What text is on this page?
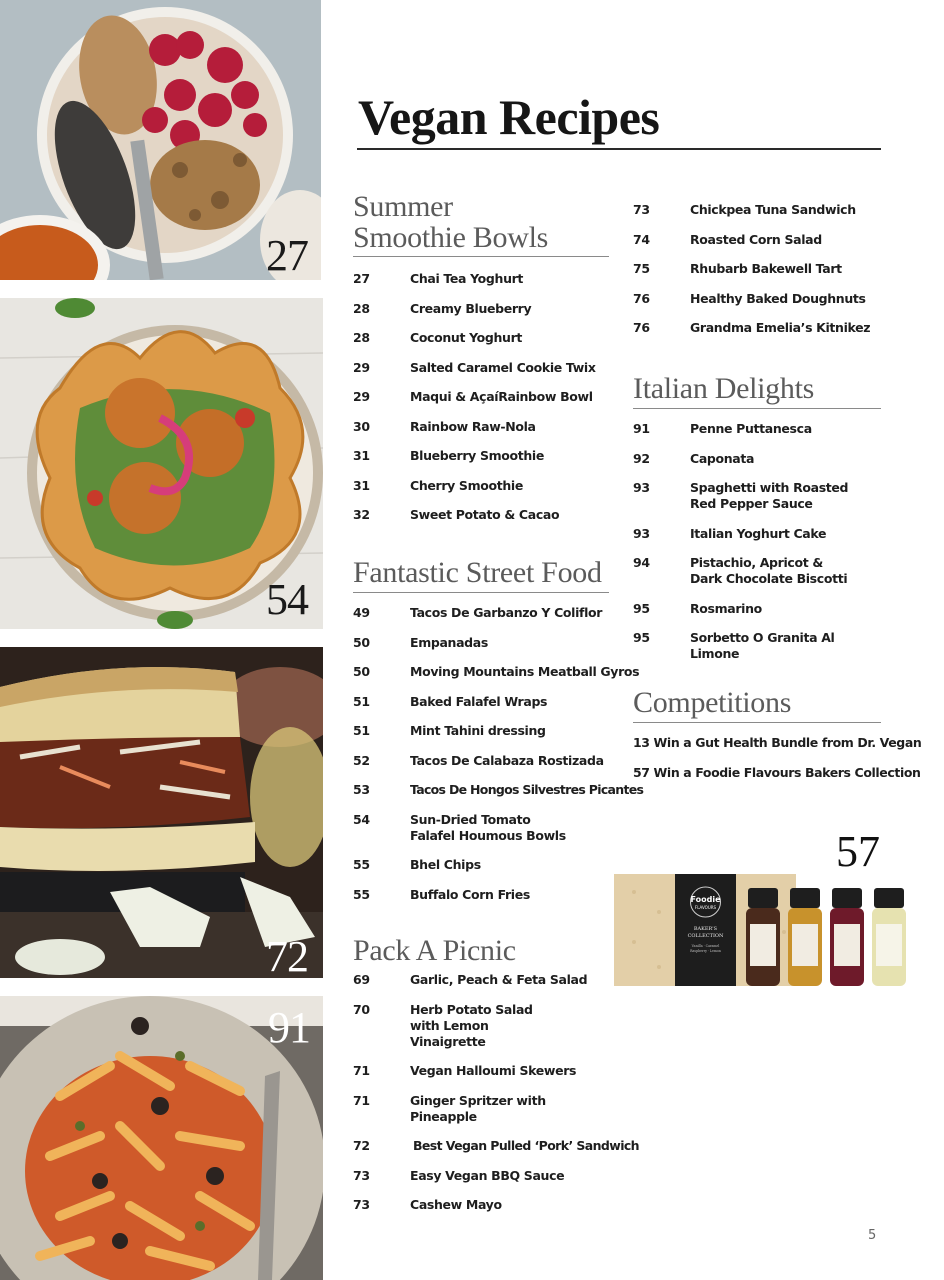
27
54
72
91
Vegan Recipes
Summer
Smoothie Bowls
27	Chai Tea Yoghurt
28	Creamy Blueberry
28	Coconut Yoghurt
29	Salted Caramel Cookie Twix
29	Maqui & AçaíRainbow Bowl
30	Rainbow Raw-Nola
31	Blueberry Smoothie
31	Cherry Smoothie
32	Sweet Potato & Cacao
Fantastic Street Food
49	Tacos De Garbanzo Y Coliflor
50	Empanadas
50	Moving Mountains Meatball Gyros
51	Baked Falafel Wraps
51	Mint Tahini dressing
52	Tacos De Calabaza Rostizada
53	Tacos De Hongos Silvestres Picantes
54	Sun-Dried Tomato Falafel Houmous Bowls
55	Bhel Chips
55	Buffalo Corn Fries
Pack A Picnic
69	Garlic, Peach & Feta Salad
70	Herb Potato Salad with Lemon Vinaigrette
71	Vegan Halloumi Skewers
71	Ginger Spritzer with Pineapple
72	Best Vegan Pulled ‘Pork’ Sandwich
73	Easy Vegan BBQ Sauce
73	Cashew Mayo
73	Chickpea Tuna Sandwich
74	Roasted Corn Salad
75	Rhubarb Bakewell Tart
76	Healthy Baked Doughnuts
76	Grandma Emelia’s Kitnikez
Italian Delights
91	Penne Puttanesca
92	Caponata
93	Spaghetti with Roasted Red Pepper Sauce
93	Italian Yoghurt Cake
94	Pistachio, Apricot & Dark Chocolate Biscotti
95	Rosmarino
95	Sorbetto O Granita Al Limone
Competitions
13 Win a Gut Health Bundle from Dr. Vegan
57 Win a Foodie Flavours Bakers Collection
57
Foodie
FLAVOURS
BAKER'S
COLLECTION
Vanilla · Caramel
Raspberry · Lemon
5
